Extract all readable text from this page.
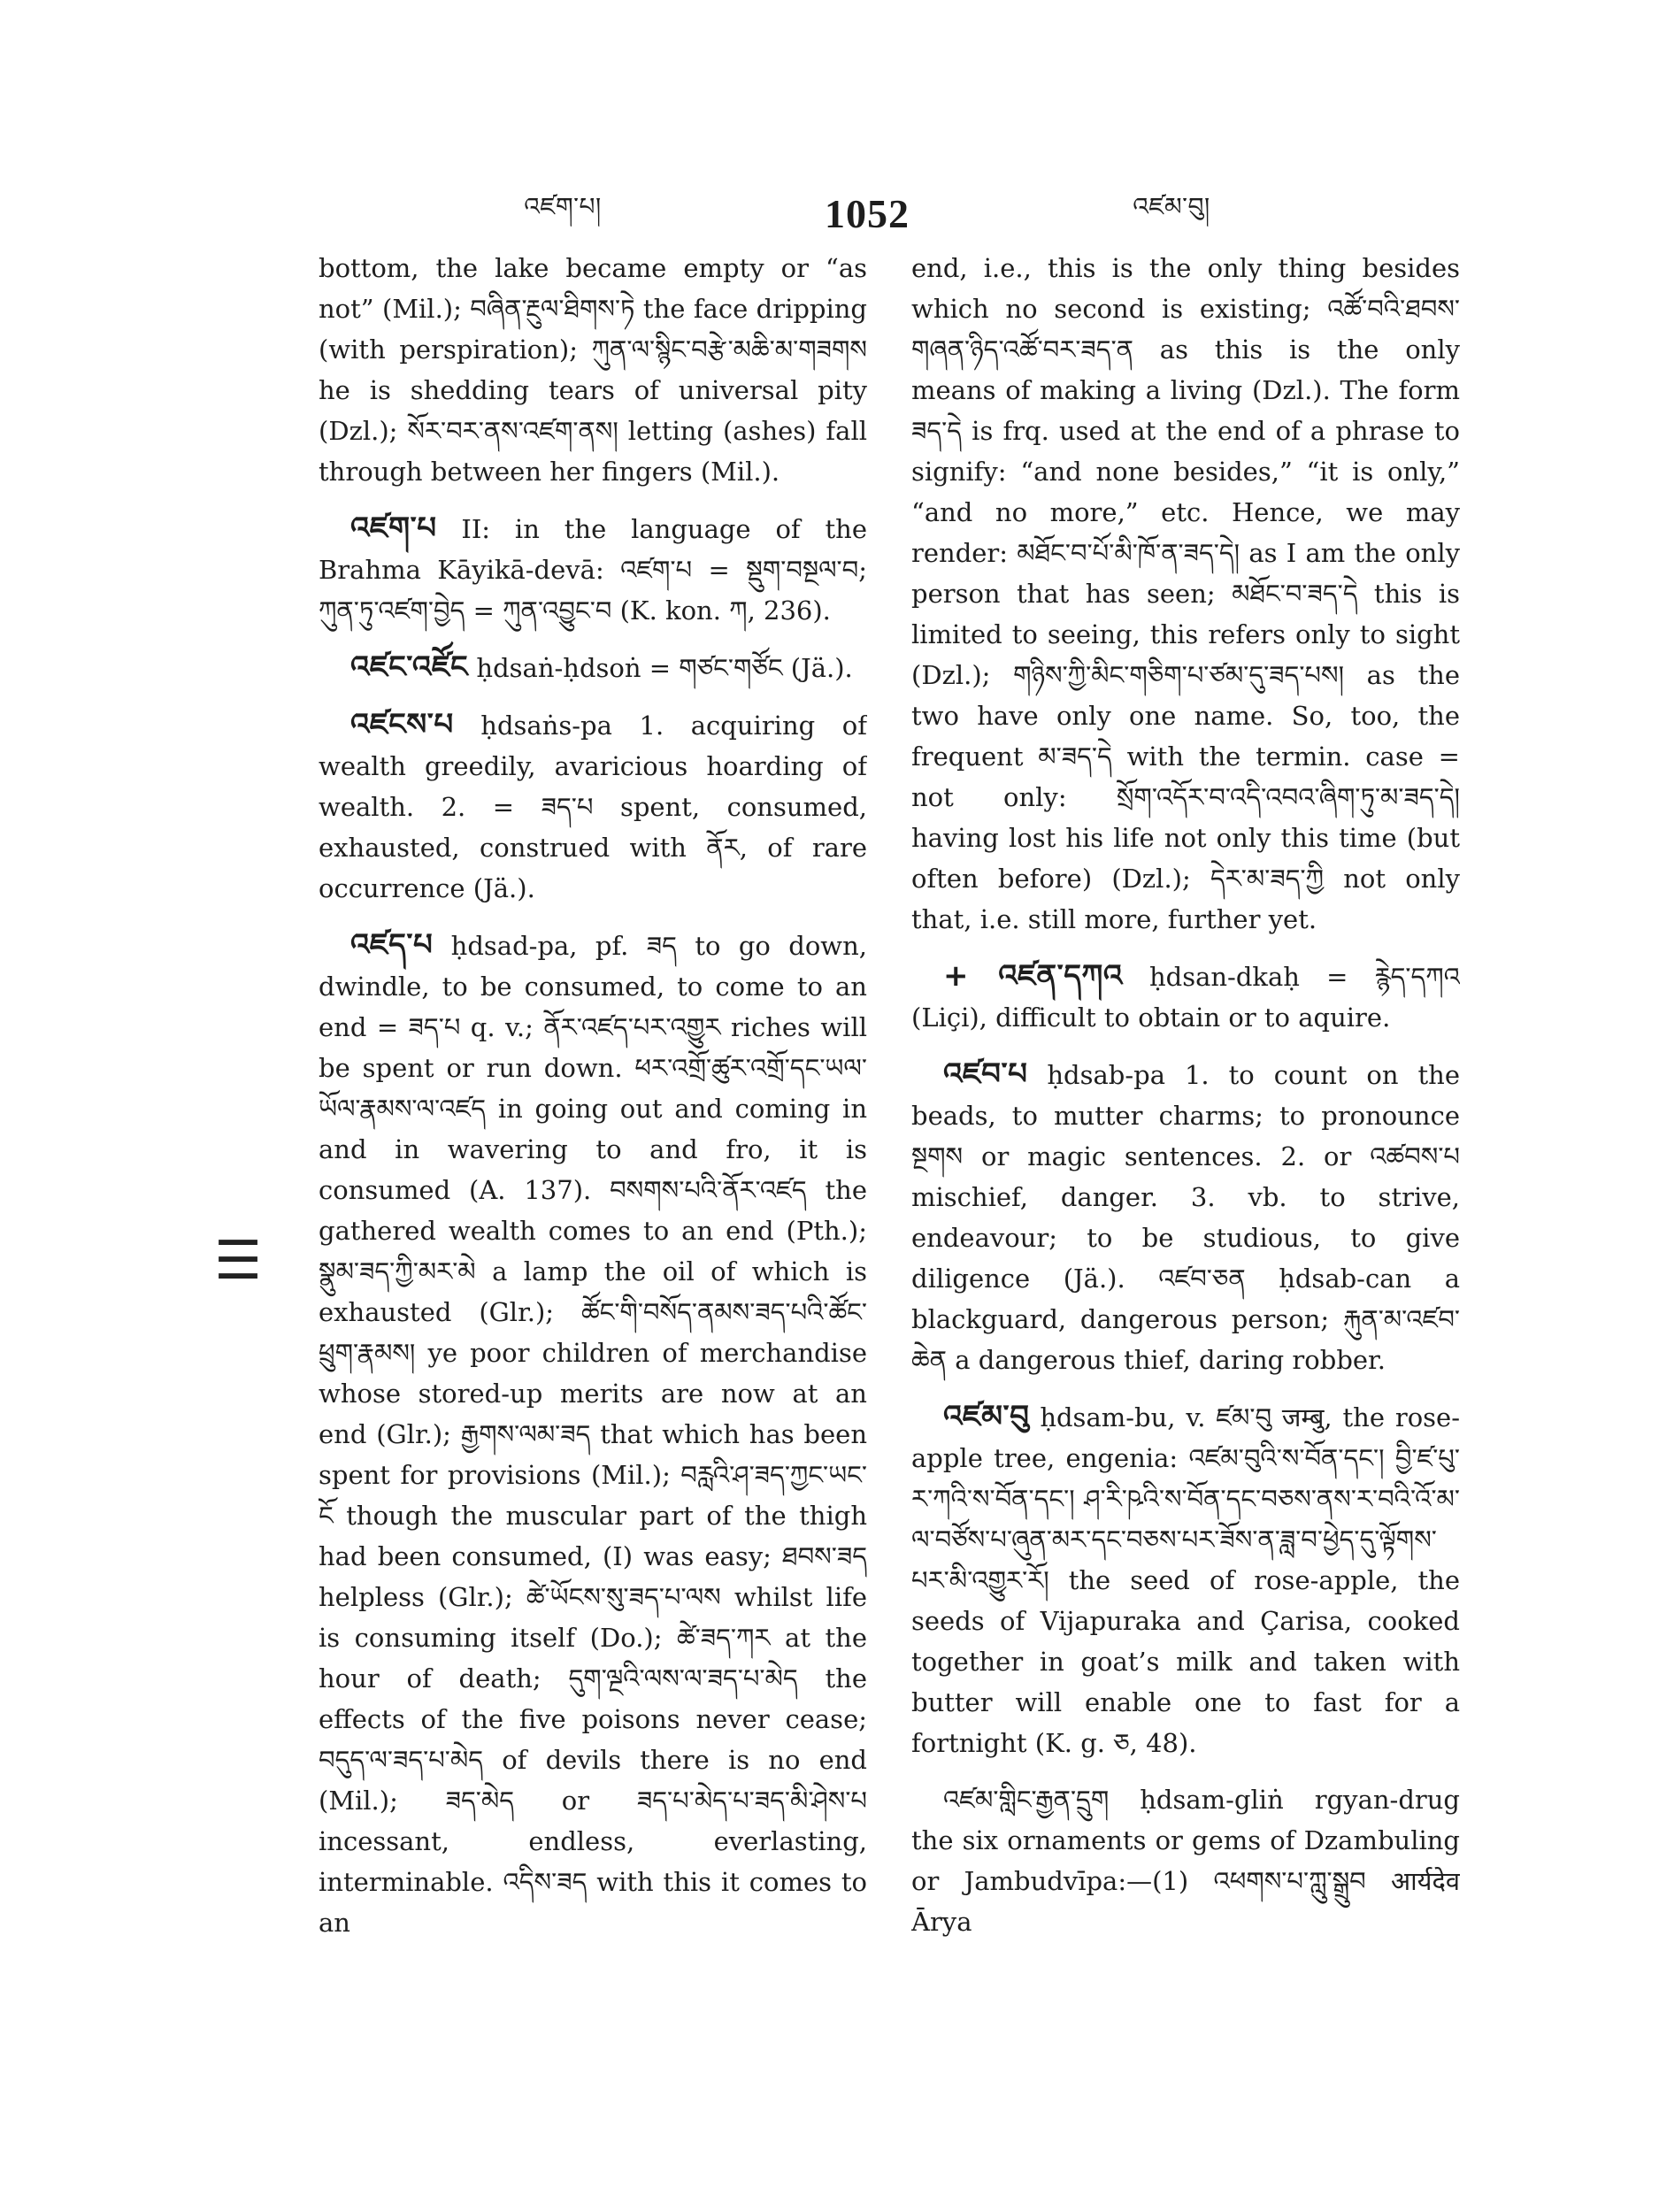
འཛག་པ།	1052	འཛམ་བུ།
☰

bottom, the lake became empty or “as not” (Mil.); བཞིན་རྔུལ་ཐིགས་ཏེ the face dripping (with perspiration); ཀུན་ལ་སྙིང་བརྩེ་མཆི་མ་གཟགས he is shedding tears of universal pity (Dzl.); སོར་བར་ནས་འཛག་ནས། letting (ashes) fall through between her fingers (Mil.).

འཛག་པ II: in the language of the Brahma Kāyikā-devā: འཛག་པ = སྡུག་བསྔལ་བ; ཀུན་ཏུ་འཛག་བྱེད = ཀུན་འབྱུང་བ (K. kon. ཀ, 236).

འཛང་འཛོང ḥdsaṅ-ḥdsoṅ = གཙང་གཙོང (Jä.).

འཛངས་པ ḥdsaṅs-pa 1. acquiring of wealth greedily, avaricious hoarding of wealth. 2. = ཟད་པ spent, consumed, exhausted, construed with ནོར, of rare occurrence (Jä.).

འཛད་པ ḥdsad-pa, pf. ཟད to go down, dwindle, to be consumed, to come to an end = ཟད་པ q. v.; ནོར་འཛད་པར་འགྱུར riches will be spent or run down. ཕར་འགྲོ་ཚུར་འགྲོ་དང་ཡལ་ཡོལ་རྣམས་ལ་འཛད in going out and coming in and in wavering to and fro, it is consumed (A. 137). བསགས་པའི་ནོར་འཛད the gathered wealth comes to an end (Pth.); སྣུམ་ཟད་ཀྱི་མར་མེ a lamp the oil of which is exhausted (Glr.); ཚོང་གི་བསོད་ནམས་ཟད་པའི་ཚོང་ཕྲུག་རྣམས། ye poor children of merchandise whose stored-up merits are now at an end (Glr.); རྒྱགས་ལམ་ཟད that which has been spent for provisions (Mil.); བརླའི་ཤ་ཟད་ཀྱང་ཡང་ངོ though the muscular part of the thigh had been consumed, (I) was easy; ཐབས་ཟད helpless (Glr.); ཚེ་ཡོངས་སུ་ཟད་པ་ལས whilst life is consuming itself (Do.); ཚེ་ཟད་ཀར at the hour of death; དུག་ལྔའི་ལས་ལ་ཟད་པ་མེད the effects of the five poisons never cease; བདུད་ལ་ཟད་པ་མེད of devils there is no end (Mil.); ཟད་མེད or ཟད་པ་མེད་པ་ཟད་མི་ཤེས་པ incessant, endless, everlasting, interminable. འདིས་ཟད with this it comes to an

end, i.e., this is the only thing besides which no second is existing; འཚོ་བའི་ཐབས་གཞན་ཉིད་འཚོ་བར་ཟད་ན as this is the only means of making a living (Dzl.). The form ཟད་དེ is frq. used at the end of a phrase to signify: “and none besides,” “it is only,” “and no more,” etc. Hence, we may render: མཐོང་བ་པོ་མི་ཁོ་ན་ཟད་དེ། as I am the only person that has seen; མཐོང་བ་ཟད་དེ this is limited to seeing, this refers only to sight (Dzl.); གཉིས་ཀྱི་མིང་གཅིག་པ་ཙམ་དུ་ཟད་པས། as the two have only one name. So, too, the frequent མ་ཟད་དེ with the termin. case = not only: སྲོག་འདོར་བ་འདི་འབའ་ཞིག་ཏུ་མ་ཟད་དེ། having lost his life not only this time (but often before) (Dzl.); དེར་མ་ཟད་ཀྱི not only that, i.e. still more, further yet.

+ འཛན་དཀའ ḥdsan-dkaḥ = རྙེད་དཀའ (Liçi), difficult to obtain or to aquire.

འཛབ་པ ḥdsab-pa 1. to count on the beads, to mutter charms; to pronounce སྔགས or magic sentences. 2. or འཚབས་པ mischief, danger. 3. vb. to strive, endeavour; to be studious, to give diligence (Jä.). འཛབ་ཅན ḥdsab-can a blackguard, dangerous person; རྐུན་མ་འཛབ་ཆེན a dangerous thief, daring robber.

འཛམ་བུ ḥdsam-bu, v. ཛམ་བུ जम्बु, the rose-apple tree, engenia: འཛམ་བུའི་ས་བོན་དང་། བྱི་ཛ་པུ་ར་ཀའི་ས་བོན་དང་། ཤ་རི་ཥའི་ས་བོན་དང་བཅས་ནས་ར་བའི་འོ་མ་ལ་བཙོས་པ་ཞུན་མར་དང་བཅས་པར་ཟོས་ན་ཟླ་བ་ཕྱེད་དུ་ལྟོགས་པར་མི་འགྱུར་རོ། the seed of rose-apple, the seeds of Vijapuraka and Çarisa, cooked together in goat’s milk and taken with butter will enable one to fast for a fortnight (K. g. ཅ, 48).

འཛམ་གླིང་རྒྱན་དྲུག ḥdsam-gliṅ rgyan-drug the six ornaments or gems of Dzambuling or Jambudvīpa:—(1) འཕགས་པ་ཀླུ་སྒྲུབ आर्यदेव Ārya
